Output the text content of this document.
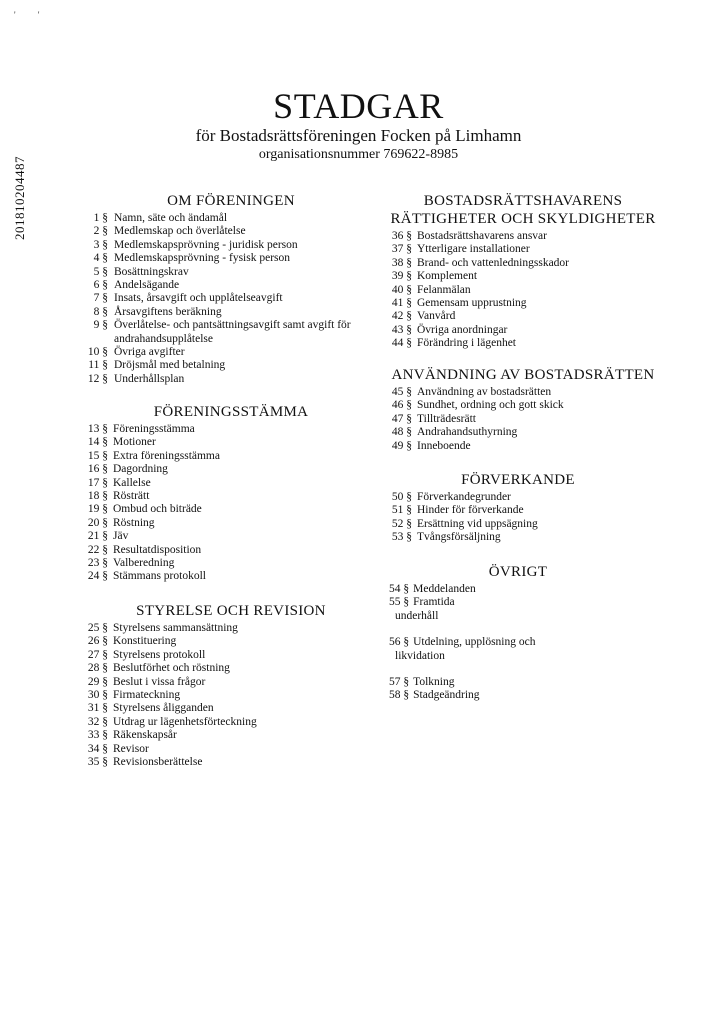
' '
201810204487
STADGAR
för Bostadsrättsföreningen Focken på Limhamn
organisationsnummer 769622-8985
OM FÖRENINGEN
1 § Namn, säte och ändamål
2 § Medlemskap och överlåtelse
3 § Medlemskapsprövning - juridisk person
4 § Medlemskapsprövning - fysisk person
5 § Bosättningskrav
6 § Andelsägande
7 § Insats, årsavgift och upplåtelseavgift
8 § Årsavgiftens beräkning
9 § Överlåtelse- och pantsättningsavgift samt avgift för andrahandsupplåtelse
10 § Övriga avgifter
11 § Dröjsmål med betalning
12 § Underhållsplan
FÖRENINGSSTÄMMA
13 § Föreningsstämma
14 § Motioner
15 § Extra föreningsstämma
16 § Dagordning
17 § Kallelse
18 § Rösträtt
19 § Ombud och biträde
20 § Röstning
21 § Jäv
22 § Resultatdisposition
23 § Valberedning
24 § Stämmans protokoll
STYRELSE OCH REVISION
25 § Styrelsens sammansättning
26 § Konstituering
27 § Styrelsens protokoll
28 § Beslutförhet och röstning
29 § Beslut i vissa frågor
30 § Firmateckning
31 § Styrelsens åligganden
32 § Utdrag ur lägenhetsförteckning
33 § Räkenskapsår
34 § Revisor
35 § Revisionsberättelse
BOSTADSRÄTTSHAVARENS
RÄTTIGHETER OCH SKYLDIGHETER
36 § Bostadsrättshavarens ansvar
37 § Ytterligare installationer
38 § Brand- och vattenledningsskador
39 § Komplement
40 § Felanmälan
41 § Gemensam upprustning
42 § Vanvård
43 § Övriga anordningar
44 § Förändring i lägenhet
ANVÄNDNING AV BOSTADSRÄTTEN
45 § Användning av bostadsrätten
46 § Sundhet, ordning och gott skick
47 § Tillträdesrätt
48 § Andrahandsuthyrning
49 § Inneboende
FÖRVERKANDE
50 § Förverkandegrunder
51 § Hinder för förverkande
52 § Ersättning vid uppsägning
53 § Tvångsförsäljning
ÖVRIGT
54 § Meddelanden
55 § Framtida
underhåll
56 § Utdelning, upplösning och
likvidation
57 § Tolkning
58 § Stadgeändring
